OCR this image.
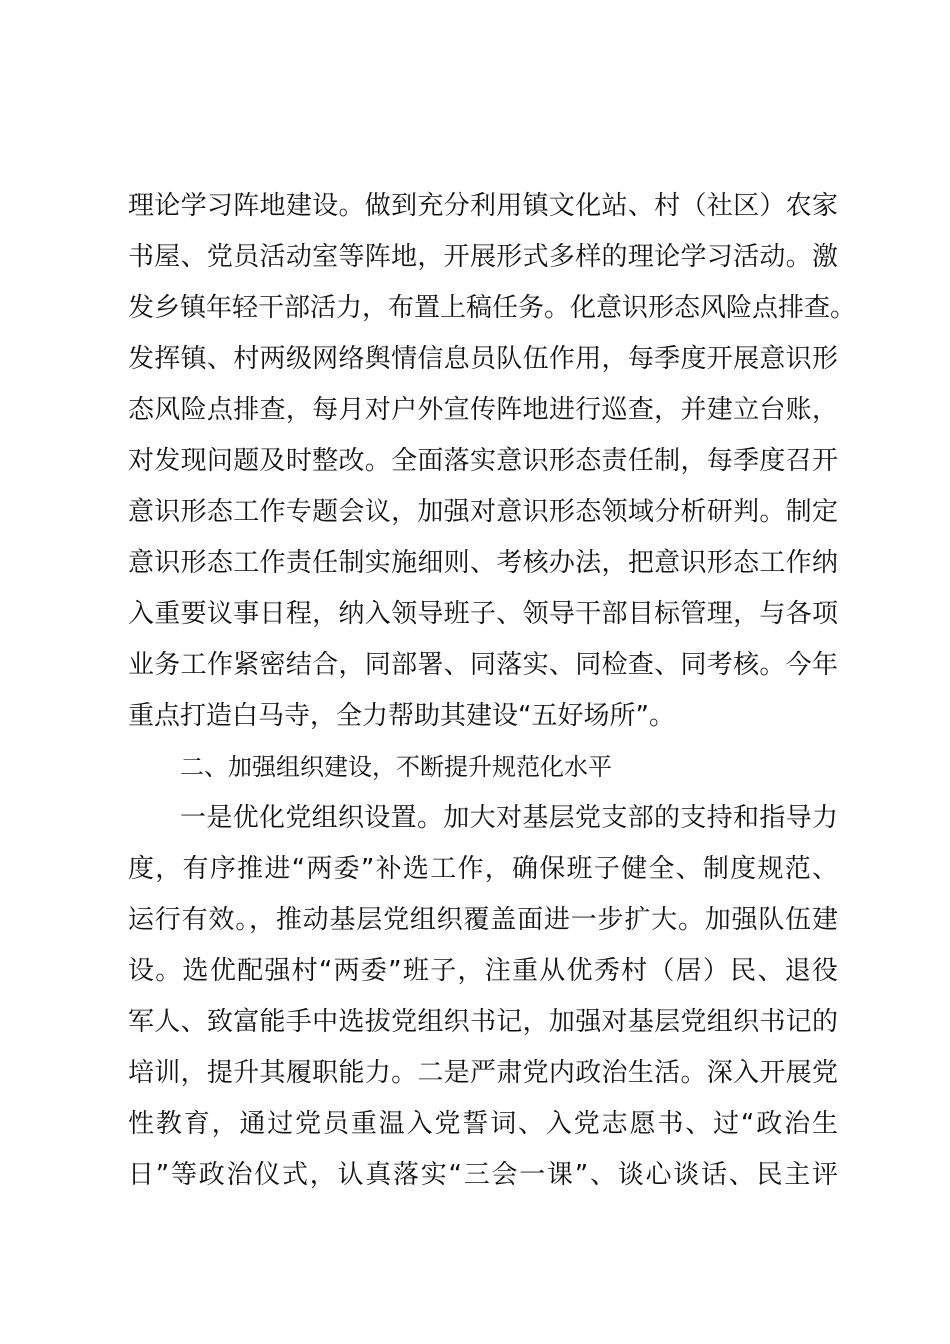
理论学习阵地建设。做到充分利用镇文化站、村（社区）农家
书屋、党员活动室等阵地，开展形式多样的理论学习活动。激
发乡镇年轻干部活力，布置上稿任务。化意识形态风险点排查。
发挥镇、村两级网络舆情信息员队伍作用，每季度开展意识形
态风险点排查，每月对户外宣传阵地进行巡查，并建立台账，
对发现问题及时整改。全面落实意识形态责任制，每季度召开
意识形态工作专题会议，加强对意识形态领域分析研判。制定
意识形态工作责任制实施细则、考核办法，把意识形态工作纳
入重要议事日程，纳入领导班子、领导干部目标管理，与各项
业务工作紧密结合，同部署、同落实、同检查、同考核。今年
重点打造白马寺，全力帮助其建设“五好场所”。
二、加强组织建设，不断提升规范化水平
一是优化党组织设置。加大对基层党支部的支持和指导力
度，有序推进“两委”补选工作，确保班子健全、制度规范、
运行有效。，推动基层党组织覆盖面进一步扩大。加强队伍建
设。选优配强村“两委”班子，注重从优秀村（居）民、退役
军人、致富能手中选拔党组织书记，加强对基层党组织书记的
培训，提升其履职能力。二是严肃党内政治生活。深入开展党
性教育，通过党员重温入党誓词、入党志愿书、过“政治生
日”等政治仪式，认真落实“三会一课”、谈心谈话、民主评
